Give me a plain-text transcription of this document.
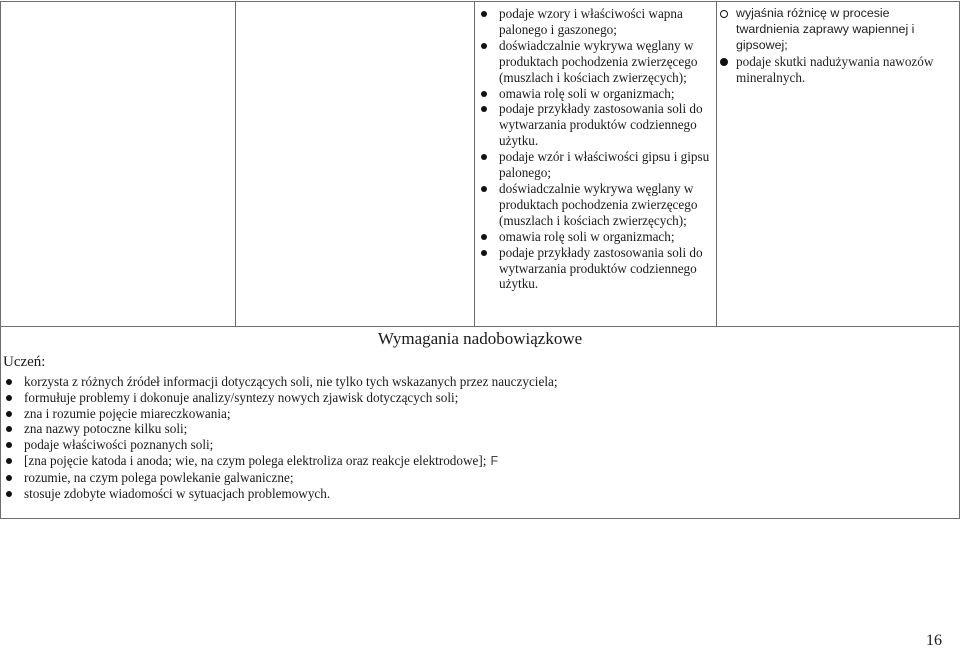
podaje wzory i właściwości wapna palonego i gaszonego;
doświadczalnie wykrywa węglany w produktach pochodzenia zwierzęcego (muszlach i kościach zwierzęcych);
omawia rolę soli w organizmach;
podaje przykłady zastosowania soli do wytwarzania produktów codziennego użytku.
podaje wzór i właściwości gipsu i gipsu palonego;
doświadczalnie wykrywa węglany w produktach pochodzenia zwierzęcego (muszlach i kościach zwierzęcych);
omawia rolę soli w organizmach;
podaje przykłady zastosowania soli do wytwarzania produktów codziennego użytku.
wyjaśnia różnicę w procesie twardnienia zaprawy wapiennej i gipsowej;
podaje skutki nadużywania nawozów mineralnych.
Wymagania nadobowiązkowe
Uczeń:
korzysta z różnych źródeł informacji dotyczących soli, nie tylko tych wskazanych przez nauczyciela;
formułuje problemy i dokonuje analizy/syntezy nowych zjawisk dotyczących soli;
zna i rozumie pojęcie miareczkowania;
zna nazwy potoczne kilku soli;
podaje właściwości poznanych soli;
[zna pojęcie katoda i anoda; wie, na czym polega elektroliza oraz reakcje elektrodowe]; F
rozumie, na czym polega powlekanie galwaniczne;
stosuje zdobyte wiadomości w sytuacjach problemowych.
16
